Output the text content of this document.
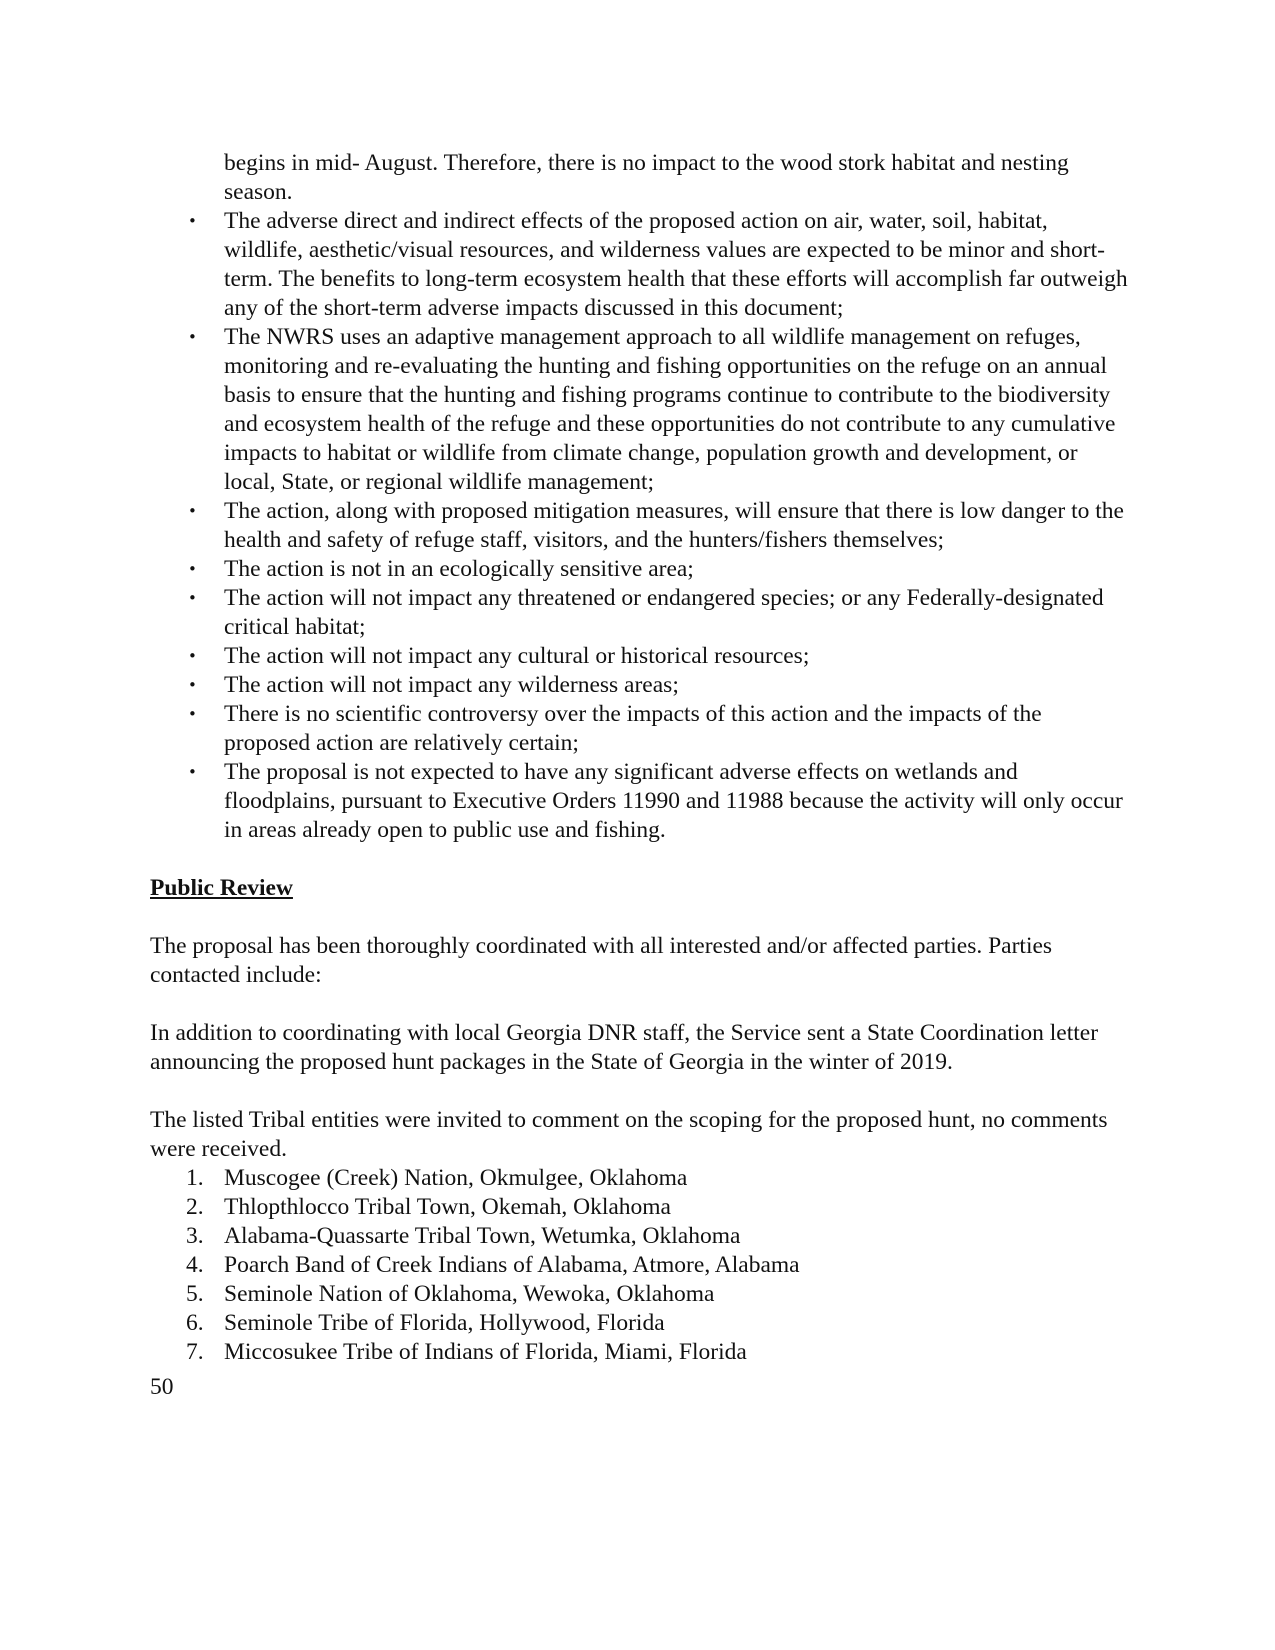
begins in mid- August. Therefore, there is no impact to the wood stork habitat and nesting season.
• The adverse direct and indirect effects of the proposed action on air, water, soil, habitat, wildlife, aesthetic/visual resources, and wilderness values are expected to be minor and short-term. The benefits to long-term ecosystem health that these efforts will accomplish far outweigh any of the short-term adverse impacts discussed in this document;
• The NWRS uses an adaptive management approach to all wildlife management on refuges, monitoring and re-evaluating the hunting and fishing opportunities on the refuge on an annual basis to ensure that the hunting and fishing programs continue to contribute to the biodiversity and ecosystem health of the refuge and these opportunities do not contribute to any cumulative impacts to habitat or wildlife from climate change, population growth and development, or local, State, or regional wildlife management;
• The action, along with proposed mitigation measures, will ensure that there is low danger to the health and safety of refuge staff, visitors, and the hunters/fishers themselves;
• The action is not in an ecologically sensitive area;
• The action will not impact any threatened or endangered species; or any Federally-designated critical habitat;
• The action will not impact any cultural or historical resources;
• The action will not impact any wilderness areas;
• There is no scientific controversy over the impacts of this action and the impacts of the proposed action are relatively certain;
• The proposal is not expected to have any significant adverse effects on wetlands and floodplains, pursuant to Executive Orders 11990 and 11988 because the activity will only occur in areas already open to public use and fishing.
Public Review

The proposal has been thoroughly coordinated with all interested and/or affected parties. Parties contacted include:

In addition to coordinating with local Georgia DNR staff, the Service sent a State Coordination letter announcing the proposed hunt packages in the State of Georgia in the winter of 2019.

The listed Tribal entities were invited to comment on the scoping for the proposed hunt, no comments were received.

1. Muscogee (Creek) Nation, Okmulgee, Oklahoma
2. Thlopthlocco Tribal Town, Okemah, Oklahoma
3. Alabama-Quassarte Tribal Town, Wetumka, Oklahoma
4. Poarch Band of Creek Indians of Alabama, Atmore, Alabama
5. Seminole Nation of Oklahoma, Wewoka, Oklahoma
6. Seminole Tribe of Florida, Hollywood, Florida
7. Miccosukee Tribe of Indians of Florida, Miami, Florida
50
